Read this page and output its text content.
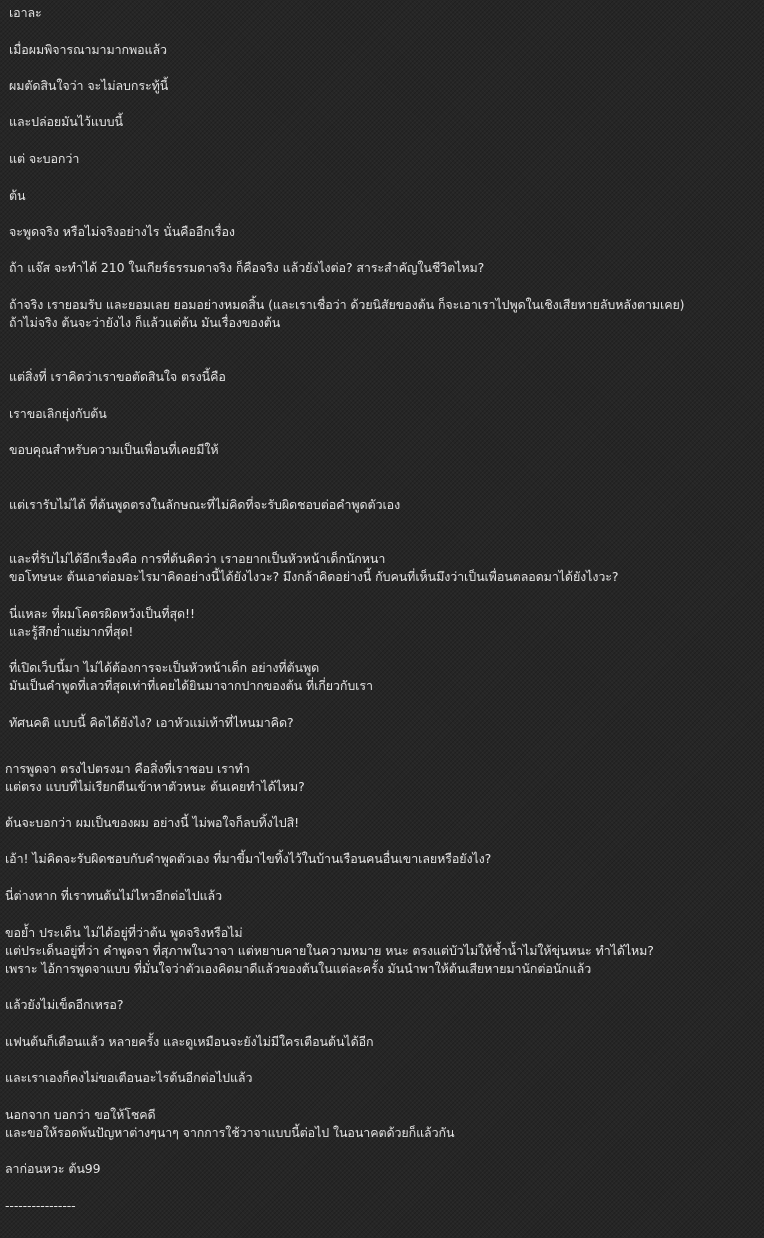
เอาละ
เมื่อผมพิจารณามามากพอแล้ว
ผมตัดสินใจว่า จะไม่ลบกระทู้นี้
และปล่อยมันไว้แบบนี้
แต่ จะบอกว่า
ต้น
จะพูดจริง หรือไม่จริงอย่างไร นั่นคืออีกเรื่อง
ถ้า แจ๊ส จะทำได้ 210 ในเกียร์ธรรมดาจริง ก็คือจริง แล้วยังไงต่อ? สาระสำคัญในชีวิตไหม?
ถ้าจริง เรายอมรับ และยอมเลย ยอมอย่างหมดสิ้น (และเราเชื่อว่า ด้วยนิสัยของต้น ก็จะเอาเราไปพูดในเชิงเสียหายลับหลังตามเคย)
ถ้าไม่จริง ต้นจะว่ายังไง ก็แล้วแต่ต้น มันเรื่องของต้น
แต่สิ่งที่ เราคิดว่าเราขอตัดสินใจ ตรงนี้คือ
เราขอเลิกยุ่งกับต้น
ขอบคุณสำหรับความเป็นเพื่อนที่เคยมีให้
แต่เรารับไม่ได้ ที่ต้นพูดตรงในลักษณะที่ไม่คิดที่จะรับผิดชอบต่อคำพูดตัวเอง
และที่รับไม่ได้อีกเรื่องคือ การที่ต้นคิดว่า เราอยากเป็นหัวหน้าเด็กนักหนา
ขอโทษนะ ต้นเอาต่อมอะไรมาคิดอย่างนี้ได้ยังไงวะ? มึงกล้าคิดอย่างนี้ กับคนที่เห็นมึงว่าเป็นเพื่อนตลอดมาได้ยังไงวะ?
นี่แหละ ที่ผมโคตรผิดหวังเป็นที่สุด!!
และรู้สึกย่ำแย่มากที่สุด!
ที่เปิดเว็บนี้มา ไม่ได้ต้องการจะเป็นหัวหน้าเด็ก อย่างที่ต้นพูด
มันเป็นคำพูดที่เลวที่สุดเท่าที่เคยได้ยินมาจากปากของต้น ที่เกี่ยวกับเรา
ทัศนคติ แบบนี้ คิดได้ยังไง? เอาหัวแม่เท้าที่ไหนมาคิด?
การพูดจา ตรงไปตรงมา คือสิ่งที่เราชอบ เราทำ
แต่ตรง แบบที่ไม่เรียกตีนเข้าหาตัวหนะ ต้นเคยทำได้ไหม?
ต้นจะบอกว่า ผมเป็นของผม อย่างนี้ ไม่พอใจก็ลบทิ้งไปสิ!
เอ้า! ไม่คิดจะรับผิดชอบกับคำพูดตัวเอง ที่มาขี้มาไขทิ้งไว้ในบ้านเรือนคนอื่นเขาเลยหรือยังไง?
นี่ต่างหาก ที่เราทนต้นไม่ไหวอีกต่อไปแล้ว
ขอย้ำ ประเด็น ไม่ได้อยู่ที่ว่าต้น พูดจริงหรือไม่
แต่ประเด็นอยู่ที่ว่า คำพูดจา ที่สุภาพในวาจา แต่หยาบคายในความหมาย หนะ ตรงแต่บัวไม่ให้ช้ำน้ำไม่ให้ขุ่นหนะ ทำได้ไหม?
เพราะ ไอ้การพูดจาแบบ ที่มั่นใจว่าตัวเองคิดมาดีแล้วของต้นในแต่ละครั้ง มันนำพาให้ต้นเสียหายมานักต่อนักแล้ว
แล้วยังไม่เข็ดอีกเหรอ?
แฟนต้นก็เตือนแล้ว หลายครั้ง และดูเหมือนจะยังไม่มีใครเตือนต้นได้อีก
และเราเองก็คงไม่ขอเตือนอะไรต้นอีกต่อไปแล้ว
นอกจาก บอกว่า ขอให้โชคดี
และขอให้รอดพ้นปัญหาต่างๆนาๆ จากการใช้วาจาแบบนี้ต่อไป ในอนาคตด้วยก็แล้วกัน
ลาก่อนหวะ ต้น99
----------------
